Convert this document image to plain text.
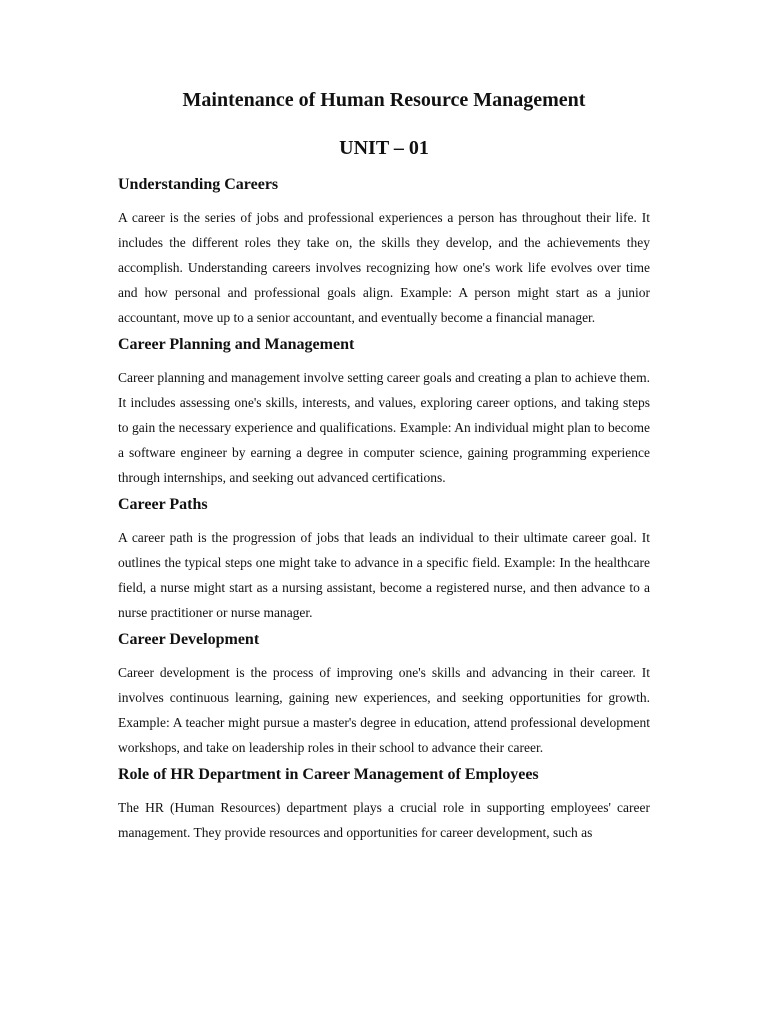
Maintenance of Human Resource Management
UNIT – 01
Understanding Careers

A career is the series of jobs and professional experiences a person has throughout their life. It includes the different roles they take on, the skills they develop, and the achievements they accomplish. Understanding careers involves recognizing how one's work life evolves over time and how personal and professional goals align. Example: A person might start as a junior accountant, move up to a senior accountant, and eventually become a financial manager.

Career Planning and Management

Career planning and management involve setting career goals and creating a plan to achieve them. It includes assessing one's skills, interests, and values, exploring career options, and taking steps to gain the necessary experience and qualifications. Example: An individual might plan to become a software engineer by earning a degree in computer science, gaining programming experience through internships, and seeking out advanced certifications.

Career Paths

A career path is the progression of jobs that leads an individual to their ultimate career goal. It outlines the typical steps one might take to advance in a specific field. Example: In the healthcare field, a nurse might start as a nursing assistant, become a registered nurse, and then advance to a nurse practitioner or nurse manager.

Career Development

Career development is the process of improving one's skills and advancing in their career. It involves continuous learning, gaining new experiences, and seeking opportunities for growth. Example: A teacher might pursue a master's degree in education, attend professional development workshops, and take on leadership roles in their school to advance their career.

Role of HR Department in Career Management of Employees

The HR (Human Resources) department plays a crucial role in supporting employees' career management. They provide resources and opportunities for career development, such as
